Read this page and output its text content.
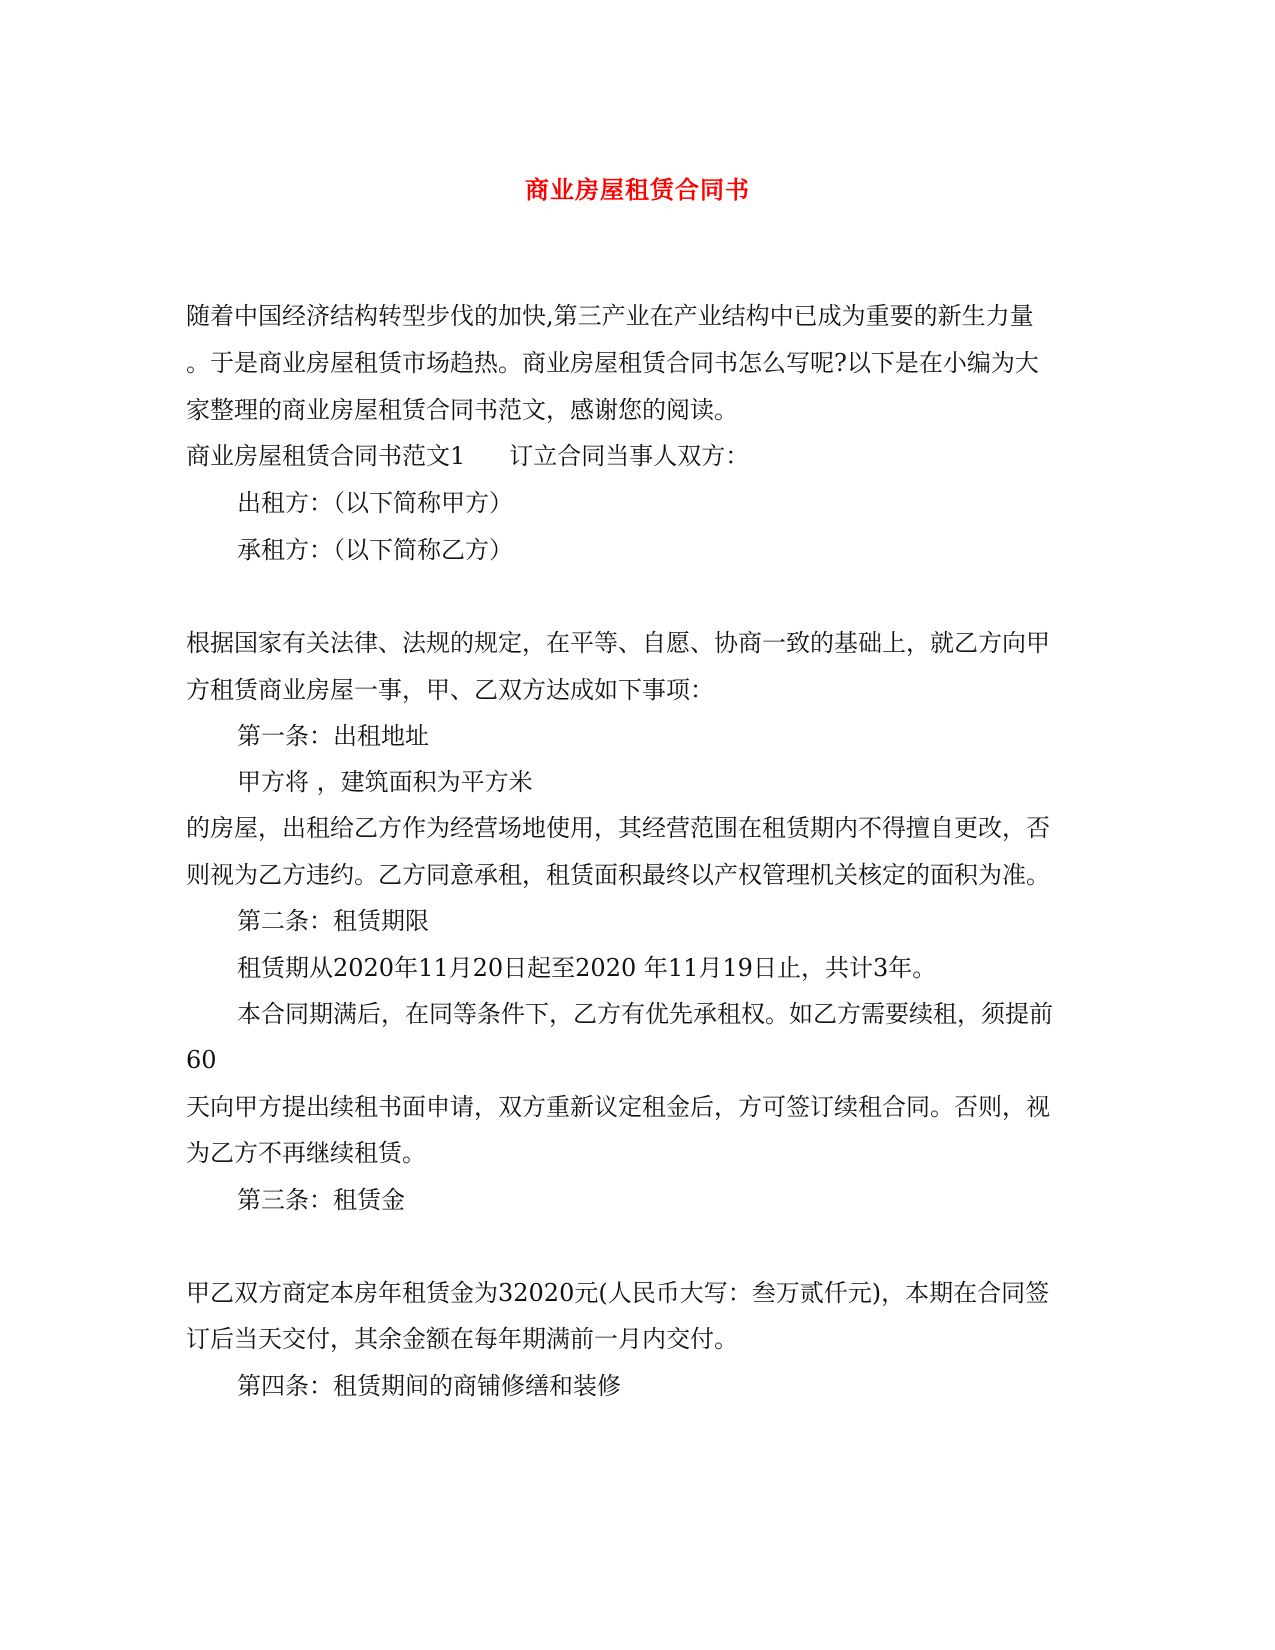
商业房屋租赁合同书
随着中国经济结构转型步伐的加快,第三产业在产业结构中已成为重要的新生力量
。于是商业房屋租赁市场趋热。商业房屋租赁合同书怎么写呢?以下是在小编为大
家整理的商业房屋租赁合同书范文，感谢您的阅读。
商业房屋租赁合同书范文1 订立合同当事人双方：
出租方：（以下简称甲方）
承租方：（以下简称乙方）
根据国家有关法律、法规的规定，在平等、自愿、协商一致的基础上，就乙方向甲
方租赁商业房屋一事，甲、乙双方达成如下事项：
第一条：出租地址
甲方将 ，建筑面积为平方米
的房屋，出租给乙方作为经营场地使用，其经营范围在租赁期内不得擅自更改，否
则视为乙方违约。乙方同意承租，租赁面积最终以产权管理机关核定的面积为准。
第二条：租赁期限
租赁期从2020年11月20日起至2020 年11月19日止，共计3年。
本合同期满后，在同等条件下，乙方有优先承租权。如乙方需要续租，须提前
60
天向甲方提出续租书面申请，双方重新议定租金后，方可签订续租合同。否则，视
为乙方不再继续租赁。
第三条：租赁金
甲乙双方商定本房年租赁金为32020元(人民币大写：叁万贰仟元)，本期在合同签
订后当天交付，其余金额在每年期满前一月内交付。
第四条：租赁期间的商铺修缮和装修
